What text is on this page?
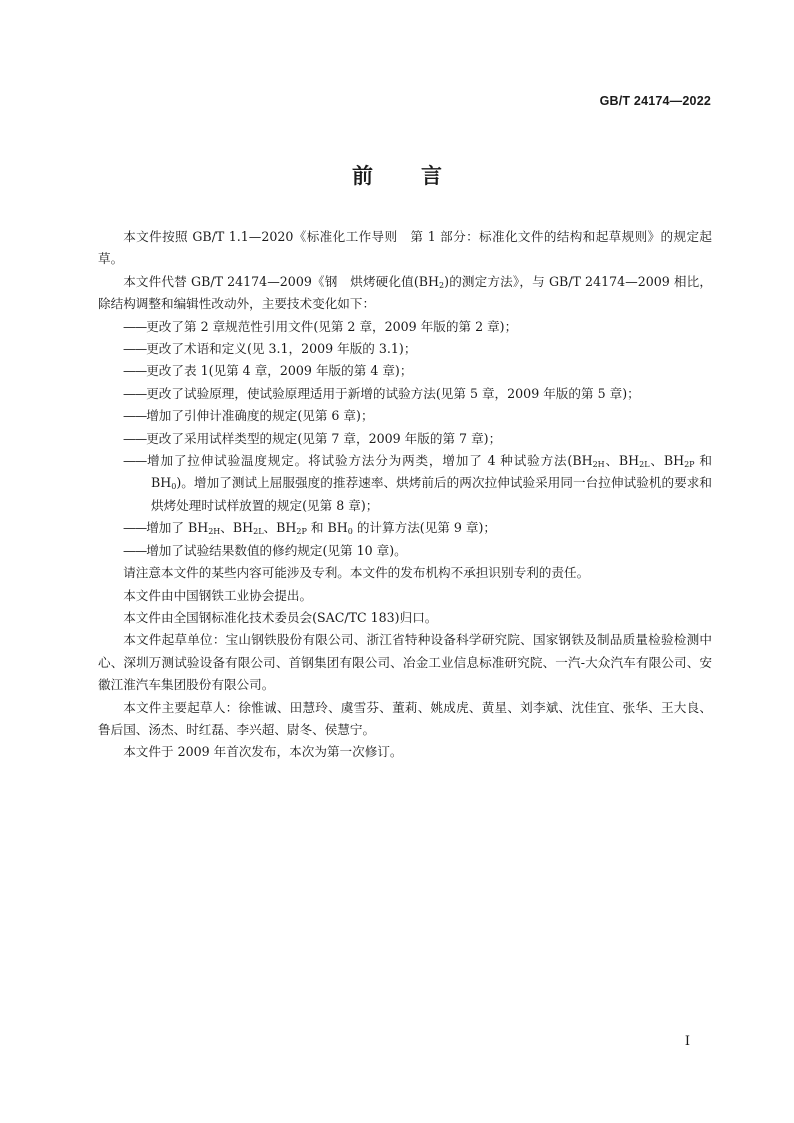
GB/T 24174—2022
前言

本文件按照 GB/T 1.1—2020《标准化工作导则　第 1 部分：标准化文件的结构和起草规则》的规定起草。

本文件代替 GB/T 24174—2009《钢　烘烤硬化值$(BH_2)$的测定方法》，与 GB/T 24174—2009 相比，除结构调整和编辑性改动外，主要技术变化如下：

——更改了第 2 章规范性引用文件(见第 2 章，2009 年版的第 2 章)；

——更改了术语和定义(见 3.1，2009 年版的 3.1)；

——更改了表 1(见第 4 章，2009 年版的第 4 章)；

——更改了试验原理，使试验原理适用于新增的试验方法(见第 5 章，2009 年版的第 5 章)；

——增加了引伸计准确度的规定(见第 6 章)；

——更改了采用试样类型的规定(见第 7 章，2009 年版的第 7 章)；

——增加了拉伸试验温度规定。将试验方法分为两类，增加了 4 种试验方法($BH_{2H}$、$BH_{2L}$、$BH_{2P}$ 和 $BH_0$)。增加了测试上屈服强度的推荐速率、烘烤前后的两次拉伸试验采用同一台拉伸试验机的要求和烘烤处理时试样放置的规定(见第 8 章)；

——增加了 $BH_{2H}$、$BH_{2L}$、$BH_{2P}$ 和 $BH_0$ 的计算方法(见第 9 章)；

——增加了试验结果数值的修约规定(见第 10 章)。

请注意本文件的某些内容可能涉及专利。本文件的发布机构不承担识别专利的责任。

本文件由中国钢铁工业协会提出。

本文件由全国钢标准化技术委员会(SAC/TC 183)归口。

本文件起草单位：宝山钢铁股份有限公司、浙江省特种设备科学研究院、国家钢铁及制品质量检验检测中心、深圳万测试验设备有限公司、首钢集团有限公司、冶金工业信息标准研究院、一汽-大众汽车有限公司、安徽江淮汽车集团股份有限公司。

本文件主要起草人：徐惟诚、田慧玲、虞雪芬、董莉、姚成虎、黄星、刘李斌、沈佳宜、张华、王大良、鲁后国、汤杰、时红磊、李兴超、尉冬、侯慧宁。

本文件于 2009 年首次发布，本次为第一次修订。

I
